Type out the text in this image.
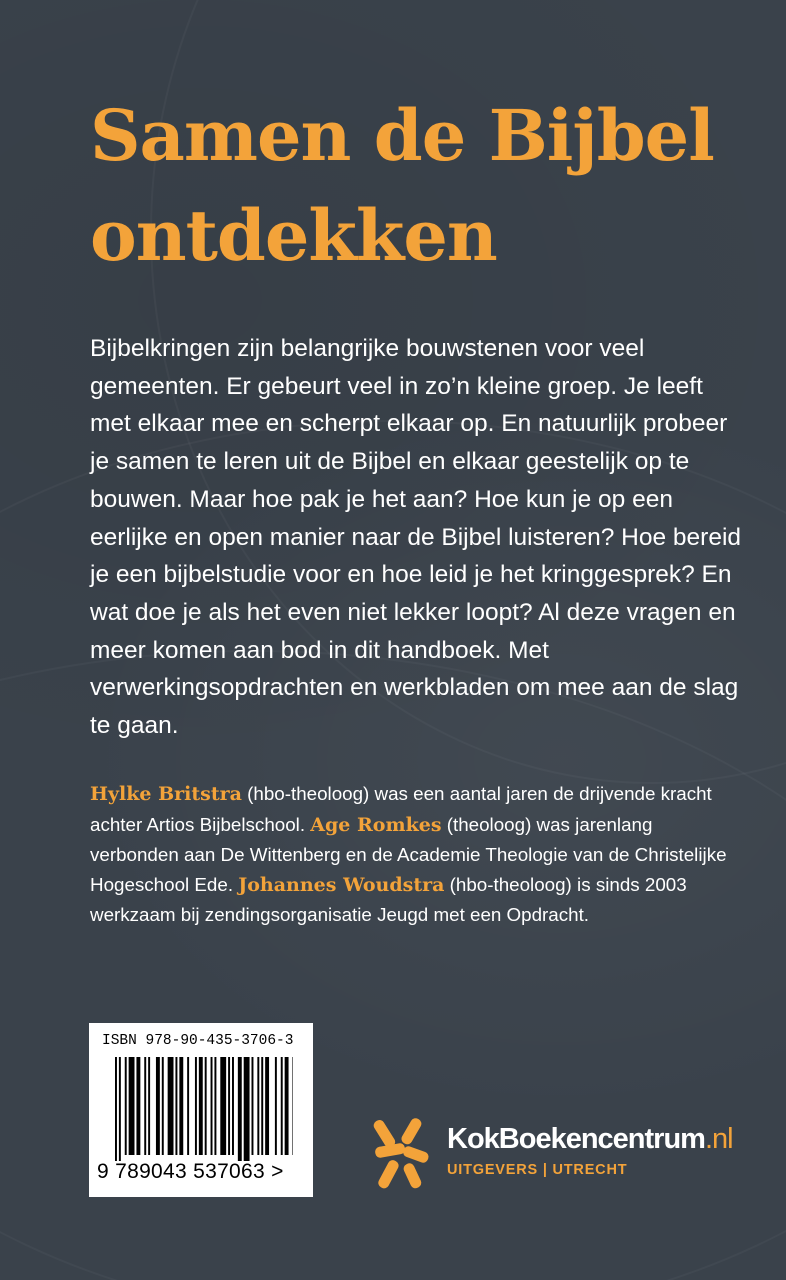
Samen de Bijbel
ontdekken

Bijbelkringen zijn belangrijke bouwstenen voor veel gemeenten. Er gebeurt veel in zo’n kleine groep. Je leeft met elkaar mee en scherpt elkaar op. En natuurlijk probeer je samen te leren uit de Bijbel en elkaar geestelijk op te bouwen. Maar hoe pak je het aan? Hoe kun je op een eerlijke en open manier naar de Bijbel luisteren? Hoe bereid je een bijbelstudie voor en hoe leid je het kringgesprek? En wat doe je als het even niet lekker loopt? Al deze vragen en meer komen aan bod in dit handboek. Met verwerkingsopdrachten en werkbladen om mee aan de slag te gaan.

Hylke Britstra (hbo-theoloog) was een aantal jaren de drijvende kracht achter Artios Bijbelschool. Age Romkes (theoloog) was jarenlang verbonden aan De Wittenberg en de Academie Theologie van de Christelijke Hogeschool Ede. Johannes Woudstra (hbo-theoloog) is sinds 2003 werkzaam bij zendingsorganisatie Jeugd met een Opdracht.

ISBN 978-90-435-3706-3
9 789043 537063 >
KokBoekencentrum.nl
UITGEVERS | UTRECHT
